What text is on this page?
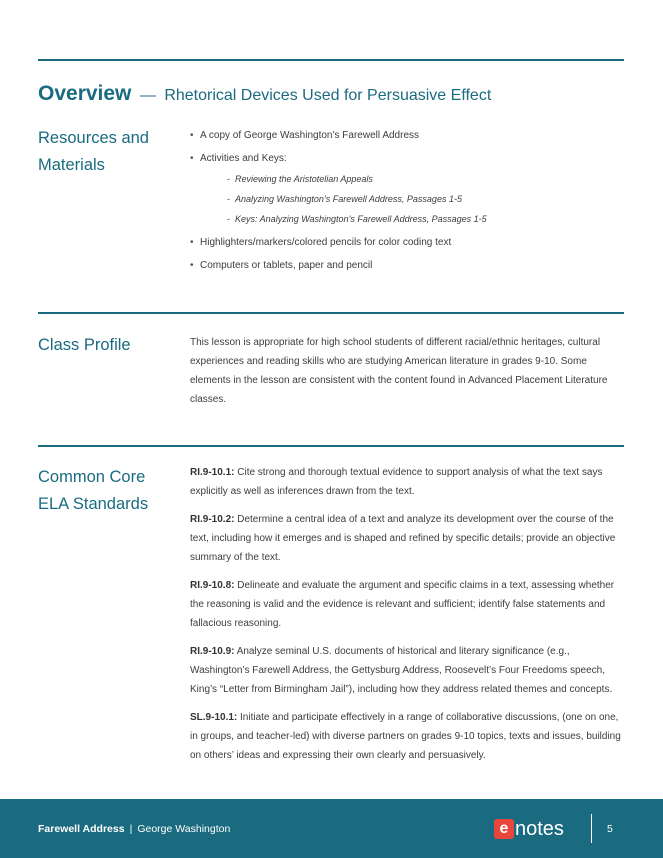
Overview — Rhetorical Devices Used for Persuasive Effect
Resources and
Materials
• A copy of George Washington’s Farewell Address
• Activities and Keys:
- Reviewing the Aristotelian Appeals
- Analyzing Washington’s Farewell Address, Passages 1-5
- Keys: Analyzing Washington’s Farewell Address, Passages 1-5
• Highlighters/markers/colored pencils for color coding text
• Computers or tablets, paper and pencil
Class Profile	This lesson is appropriate for high school students of different racial/ethnic heritages, cultural experiences and reading skills who are studying American literature in grades 9-10. Some elements in the lesson are consistent with the content found in Advanced Placement Literature classes.
Common Core
ELA Standards

RI.9-10.1: Cite strong and thorough textual evidence to support analysis of what the text says explicitly as well as inferences drawn from the text.

RI.9-10.2: Determine a central idea of a text and analyze its development over the course of the text, including how it emerges and is shaped and refined by specific details; provide an objective summary of the text.

RI.9-10.8: Delineate and evaluate the argument and specific claims in a text, assessing whether the reasoning is valid and the evidence is relevant and sufficient; identify false statements and fallacious reasoning.

RI.9-10.9: Analyze seminal U.S. documents of historical and literary significance (e.g., Washington’s Farewell Address, the Gettysburg Address, Roosevelt’s Four Freedoms speech, King’s “Letter from Birmingham Jail”), including how they address related themes and concepts.

SL.9-10.1: Initiate and participate effectively in a range of collaborative discussions, (one on one, in groups, and teacher-led) with diverse partners on grades 9-10 topics, texts and issues, building on others’ ideas and expressing their own clearly and persuasively.

Farewell Address | George Washington	e notes	5
